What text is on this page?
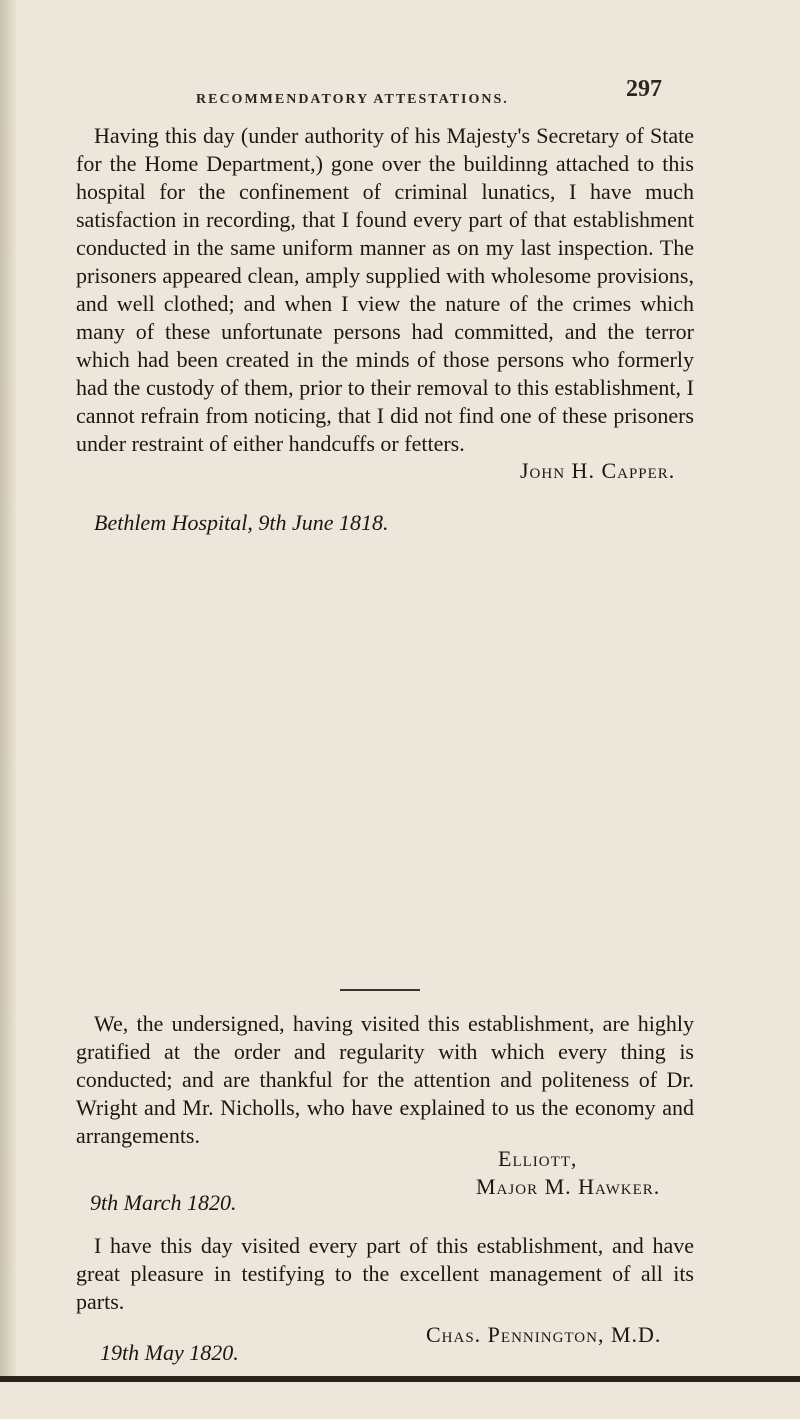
RECOMMENDATORY ATTESTATIONS.	297

Having this day (under authority of his Majesty's Secretary of State for the Home Department,) gone over the buildinng attached to this hospital for the confinement of criminal lunatics, I have much satisfaction in recording, that I found every part of that establishment conducted in the same uniform manner as on my last inspection. The prisoners appeared clean, amply supplied with wholesome provisions, and well clothed; and when I view the nature of the crimes which many of these unfortunate persons had committed, and the terror which had been created in the minds of those persons who formerly had the custody of them, prior to their removal to this establishment, I cannot refrain from noticing, that I did not find one of these prisoners under restraint of either handcuffs or fetters.

John H. Capper.
Bethlem Hospital, 9th June 1818.

We, the undersigned, having visited this establishment, are highly gratified at the order and regularity with which every thing is conducted; and are thankful for the attention and politeness of Dr. Wright and Mr. Nicholls, who have explained to us the economy and arrangements.

Elliott,
Major M. Hawker.
9th March 1820.

I have this day visited every part of this establishment, and have great pleasure in testifying to the excellent management of all its parts.

Chas. Pennington, M.D.
19th May 1820.
